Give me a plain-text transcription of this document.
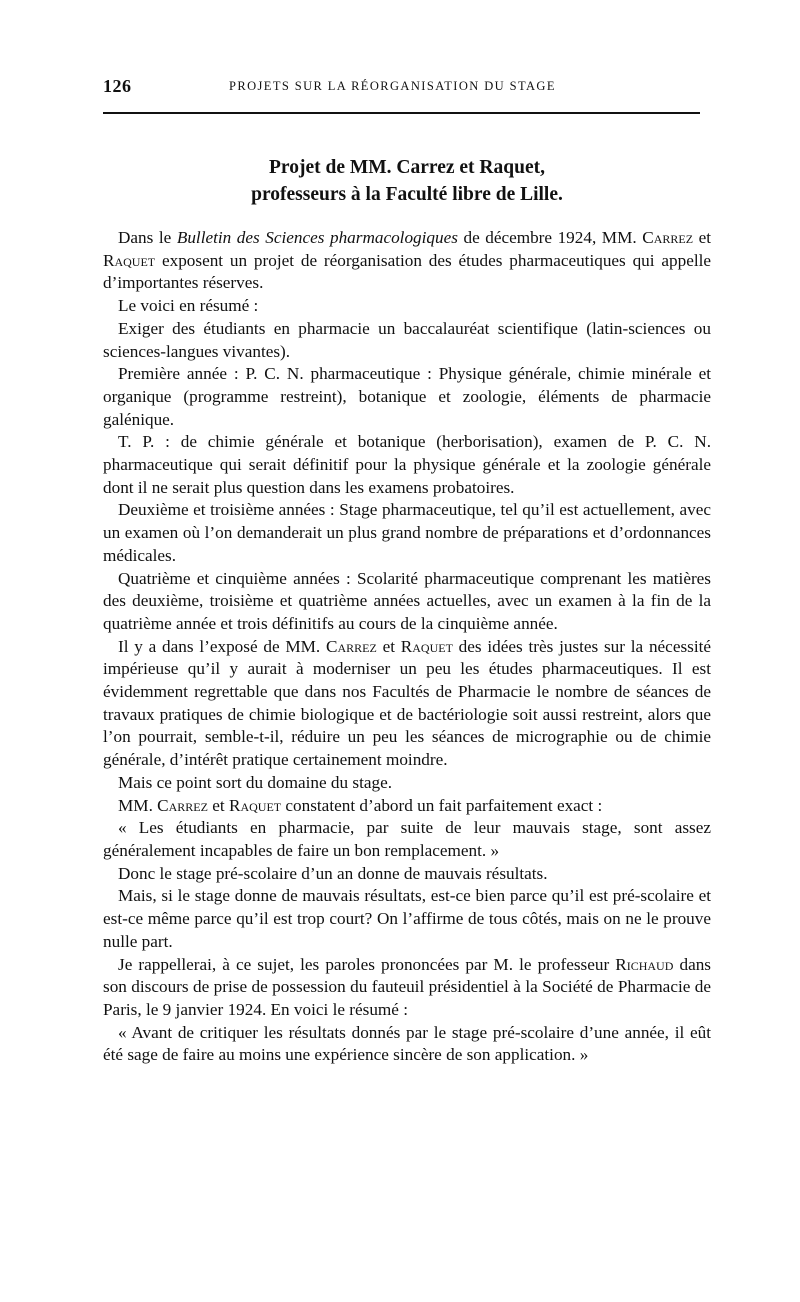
126	PROJETS SUR LA RÉORGANISATION DU STAGE
Projet de MM. Carrez et Raquet,
professeurs à la Faculté libre de Lille.

Dans le Bulletin des Sciences pharmacologiques de décembre 1924, MM. Carrez et Raquet exposent un projet de réorganisation des études pharmaceutiques qui appelle d’importantes réserves.

Le voici en résumé :

Exiger des étudiants en pharmacie un baccalauréat scientifique (latin-sciences ou sciences-langues vivantes).

Première année : P. C. N. pharmaceutique : Physique générale, chimie minérale et organique (programme restreint), botanique et zoologie, éléments de pharmacie galénique.

T. P. : de chimie générale et botanique (herborisation), examen de P. C. N. pharmaceutique qui serait définitif pour la physique générale et la zoologie générale dont il ne serait plus question dans les examens probatoires.

Deuxième et troisième années : Stage pharmaceutique, tel qu’il est actuellement, avec un examen où l’on demanderait un plus grand nombre de préparations et d’ordonnances médicales.

Quatrième et cinquième années : Scolarité pharmaceutique comprenant les matières des deuxième, troisième et quatrième années actuelles, avec un examen à la fin de la quatrième année et trois définitifs au cours de la cinquième année.

Il y a dans l’exposé de MM. Carrez et Raquet des idées très justes sur la nécessité impérieuse qu’il y aurait à moderniser un peu les études pharmaceutiques. Il est évidemment regrettable que dans nos Facultés de Pharmacie le nombre de séances de travaux pratiques de chimie biologique et de bactériologie soit aussi restreint, alors que l’on pourrait, semble-t-il, réduire un peu les séances de micrographie ou de chimie générale, d’intérêt pratique certainement moindre.

Mais ce point sort du domaine du stage.

MM. Carrez et Raquet constatent d’abord un fait parfaitement exact :

« Les étudiants en pharmacie, par suite de leur mauvais stage, sont assez généralement incapables de faire un bon remplacement. »

Donc le stage pré-scolaire d’un an donne de mauvais résultats.

Mais, si le stage donne de mauvais résultats, est-ce bien parce qu’il est pré-scolaire et est-ce même parce qu’il est trop court? On l’affirme de tous côtés, mais on ne le prouve nulle part.

Je rappellerai, à ce sujet, les paroles prononcées par M. le professeur Richaud dans son discours de prise de possession du fauteuil présidentiel à la Société de Pharmacie de Paris, le 9 janvier 1924. En voici le résumé :

« Avant de critiquer les résultats donnés par le stage pré-scolaire d’une année, il eût été sage de faire au moins une expérience sincère de son application. »
